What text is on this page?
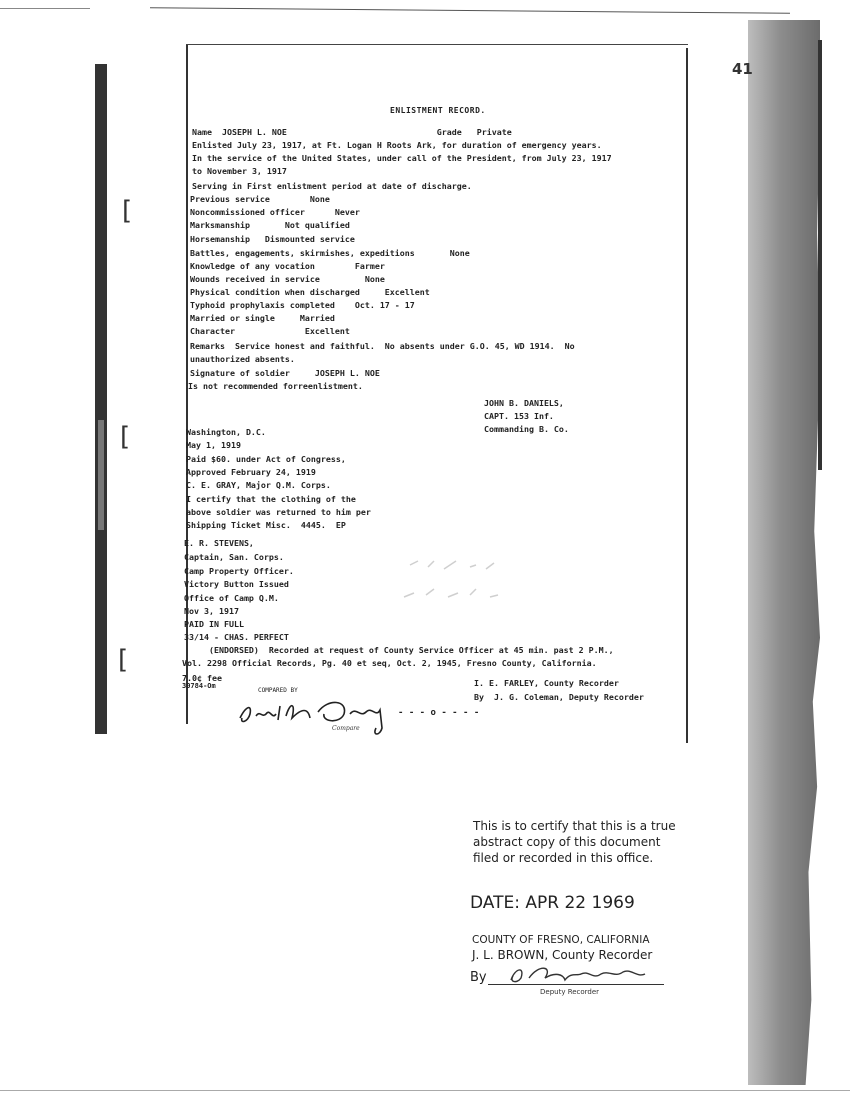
[
[
[
41
ENLISTMENT RECORD.
Name  JOSEPH L. NOE                              Grade   Private
Enlisted July 23, 1917, at Ft. Logan H Roots Ark, for duration of emergency years.
In the service of the United States, under call of the President, from July 23, 1917
to November 3, 1917
Serving in First enlistment period at date of discharge.
Previous service        None
Noncommissioned officer      Never
Marksmanship       Not qualified
Horsemanship   Dismounted service
Battles, engagements, skirmishes, expeditions       None
Knowledge of any vocation        Farmer
Wounds received in service         None
Physical condition when discharged     Excellent
Typhoid prophylaxis completed    Oct. 17 - 17
Married or single     Married
Character              Excellent
Remarks  Service honest and faithful.  No absents under G.O. 45, WD 1914.  No
unauthorized absents.
Signature of soldier     JOSEPH L. NOE
Is not recommended forreenlistment.
JOHN B. DANIELS,
CAPT. 153 Inf.
Commanding B. Co.
Washington, D.C.
May 1, 1919
Paid $60. under Act of Congress,
Approved February 24, 1919
C. E. GRAY, Major Q.M. Corps.
I certify that the clothing of the
above soldier was returned to him per
Shipping Ticket Misc.  4445.  EP
E. R. STEVENS,
Captain, San. Corps.
Camp Property Officer.
Victory Button Issued
Office of Camp Q.M.
Nov 3, 1917
PAID IN FULL
33/14 - CHAS. PERFECT
(ENDORSED)  Recorded at request of County Service Officer at 45 min. past 2 P.M.,
Vol. 2298 Official Records, Pg. 40 et seq, Oct. 2, 1945, Fresno County, California.
7.0¢ fee
30784-Om	I. E. FARLEY, County Recorder
By  J. G. Coleman, Deputy Recorder
COMPARED BY
- - - o - - - -
Compare
This is to certify that this is a true abstract copy of this document filed or recorded in this office.
DATE: APR 22 1969
COUNTY OF FRESNO, CALIFORNIA
J. L. BROWN, County Recorder
By
Deputy Recorder
